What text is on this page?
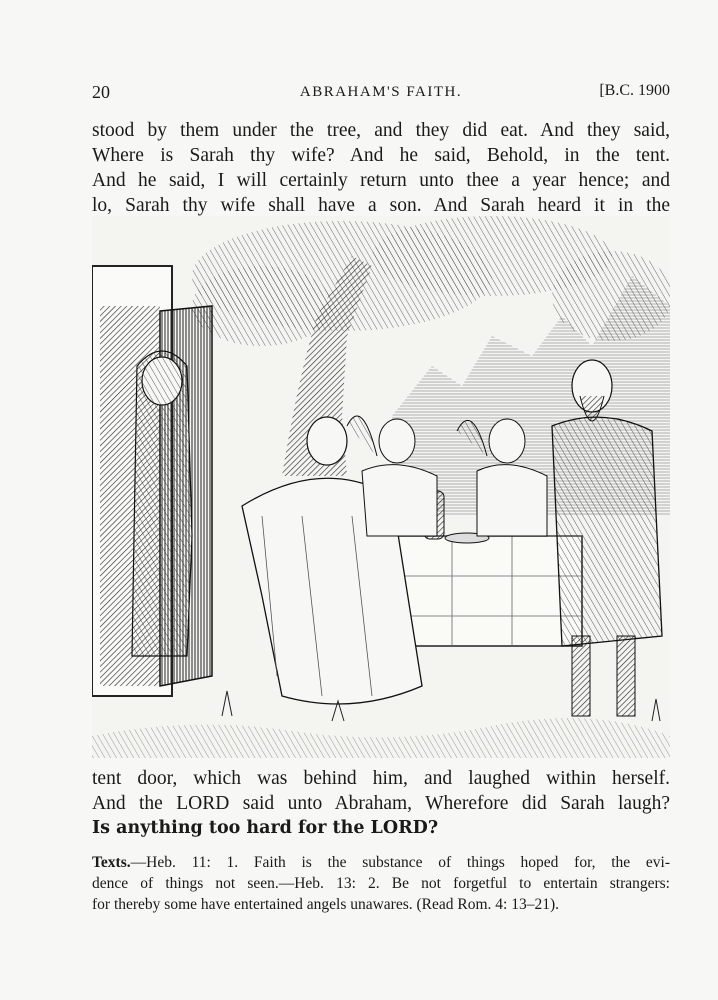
20	ABRAHAM'S FAITH.	[B.C. 1900
stood by them under the tree, and they did eat. And they said,
Where is Sarah thy wife? And he said, Behold, in the tent.
And he said, I will certainly return unto thee a year hence; and
lo, Sarah thy wife shall have a son. And Sarah heard it in the
tent door, which was behind him, and laughed within herself.
And the LORD said unto Abraham, Wherefore did Sarah laugh?
Is anything too hard for the LORD?
Texts.—Heb. 11: 1. Faith is the substance of things hoped for, the evi-
dence of things not seen.—Heb. 13: 2. Be not forgetful to entertain strangers:
for thereby some have entertained angels unawares. (Read Rom. 4: 13–21).
